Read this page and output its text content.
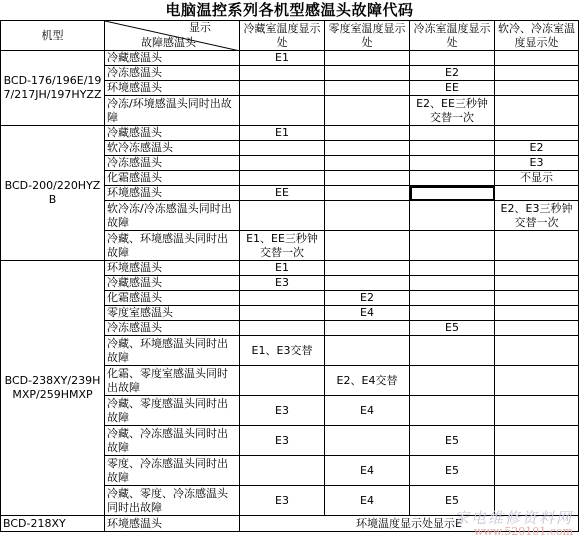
电脑温控系列各机型感温头故障代码
机型	显示
故障感温头	冷藏室温度显示处	零度室温度显示处	冷冻室温度显示处	软冷、冷冻室温度显示处
BCD-176/196E/197/217JH/197HYZZ	冷藏感温头	E1			
	冷冻感温头			E2	
	环境感温头			EE	
	冷冻/环境感温头同时出故障			E2、EE三秒钟交替一次	
BCD-200/220HYZB	冷藏感温头	E1			
	软冷冻感温头				E2
	冷冻感温头				E3
	化霜感温头				不显示
	环境感温头	EE			
	软冷冻/冷冻感温头同时出故障				E2、E3三秒钟交替一次
	冷藏、环境感温头同时出故障	E1、EE三秒钟交替一次			
BCD-238XY/239HMXP/259HMXP	环境感温头	E1			
	冷藏感温头	E3			
	化霜感温头		E2		
	零度室感温头		E4		
	冷冻感温头			E5	
	冷藏、环境感温头同时出故障	E1、E3交替			
	化霜、零度室感温头同时出故障		E2、E4交替		
	冷藏、零度感温头同时出故障	E3	E4		
	冷藏、冷冻感温头同时出故障	E3		E5	
	零度、冷冻感温头同时出故障		E4	E5	
	冷藏、零度、冷冻感温头同时出故障	E3	E4	E5	
BCD-218XY	环境感温头	环境温度显示处显示E			
家电维修资料网
www.520101.com
